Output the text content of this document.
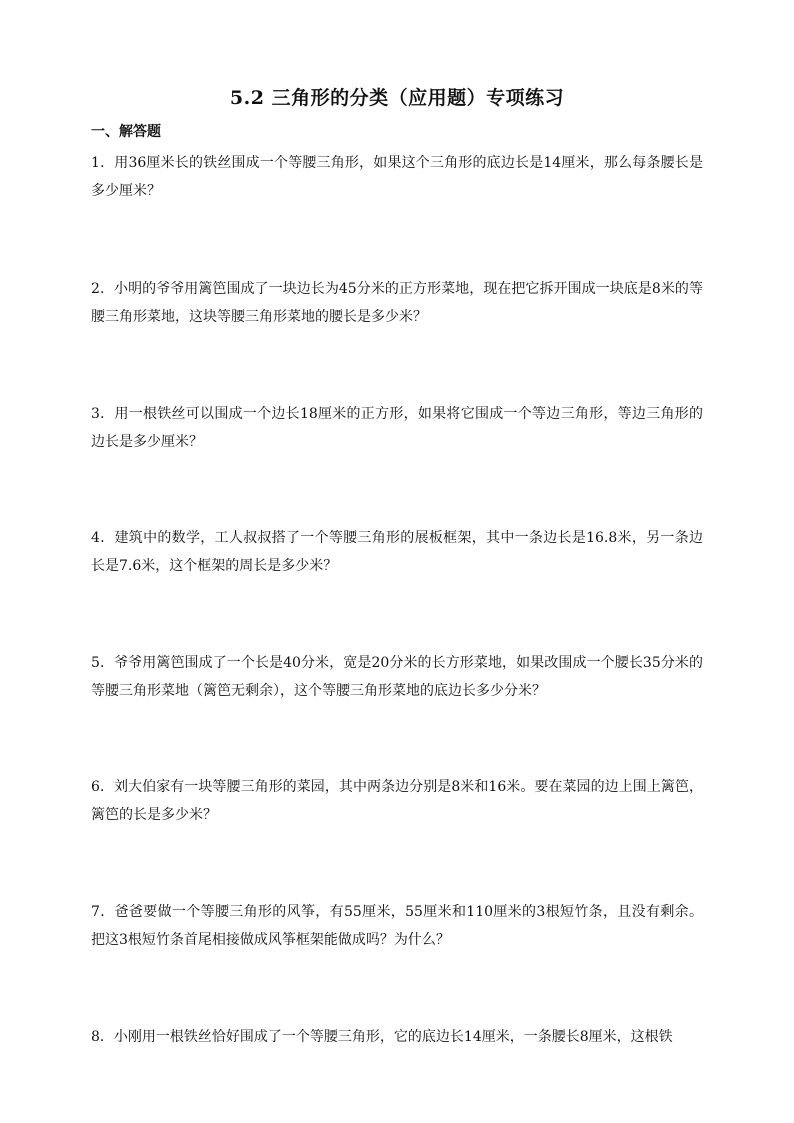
5.2 三角形的分类（应用题）专项练习
一、解答题
1．用36厘米长的铁丝围成一个等腰三角形，如果这个三角形的底边长是14厘米，那么每条腰长是多少厘米？
2．小明的爷爷用篱笆围成了一块边长为45分米的正方形菜地，现在把它拆开围成一块底是8米的等腰三角形菜地，这块等腰三角形菜地的腰长是多少米？
3．用一根铁丝可以围成一个边长18厘米的正方形，如果将它围成一个等边三角形，等边三角形的边长是多少厘米？
4．建筑中的数学，工人叔叔搭了一个等腰三角形的展板框架，其中一条边长是16.8米，另一条边长是7.6米，这个框架的周长是多少米？
5．爷爷用篱笆围成了一个长是40分米，宽是20分米的长方形菜地，如果改围成一个腰长35分米的等腰三角形菜地（篱笆无剩余），这个等腰三角形菜地的底边长多少分米？
6．刘大伯家有一块等腰三角形的菜园，其中两条边分别是8米和16米。要在菜园的边上围上篱笆，篱笆的长是多少米？
7．爸爸要做一个等腰三角形的风筝，有55厘米，55厘米和110厘米的3根短竹条，且没有剩余。把这3根短竹条首尾相接做成风筝框架能做成吗？为什么？
8．小刚用一根铁丝恰好围成了一个等腰三角形，它的底边长14厘米，一条腰长8厘米，这根铁
